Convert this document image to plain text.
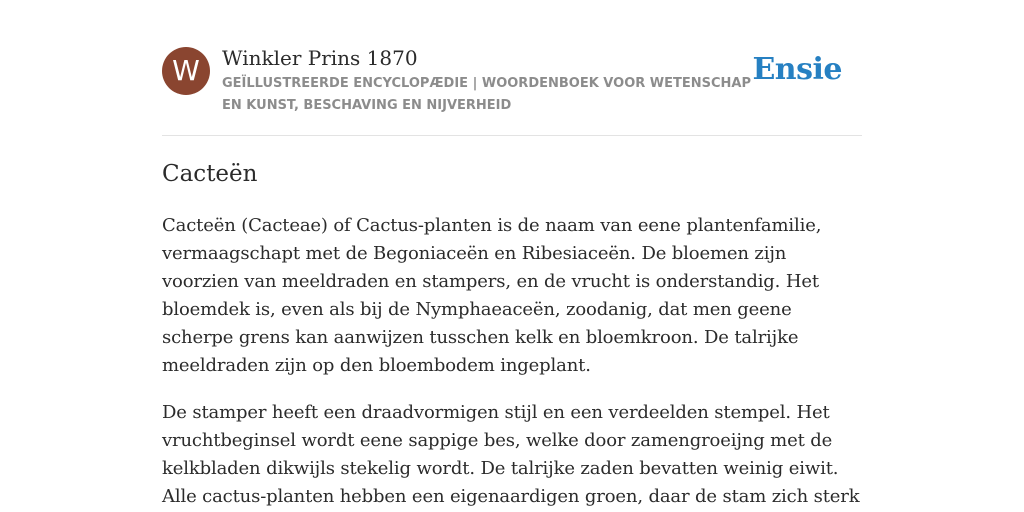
W	Winkler Prins 1870
GEÏLLUSTREERDE ENCYCLOPÆDIE | WOORDENBOEK VOOR WETENSCHAP EN KUNST, BESCHAVING EN NIJVERHEID
Ensie
Cacteën

Cacteën (Cacteae) of Cactus-planten is de naam van eene plantenfamilie, vermaagschapt met de Begoniaceën en Ribesiaceën. De bloemen zijn voorzien van meeldraden en stampers, en de vrucht is onderstandig. Het bloemdek is, even als bij de Nymphaeaceën, zoodanig, dat men geene scherpe grens kan aanwijzen tusschen kelk en bloemkroon. De talrijke meeldraden zijn op den bloembodem ingeplant.

De stamper heeft een draadvormigen stijl en een verdeelden stempel. Het vruchtbeginsel wordt eene sappige bes, welke door zamengroeijng met de kelkbladen dikwijls stekelig wordt. De talrijke zaden bevatten weinig eiwit. Alle cactus-planten hebben een eigenaardigen groen, daar de stam zich sterk
